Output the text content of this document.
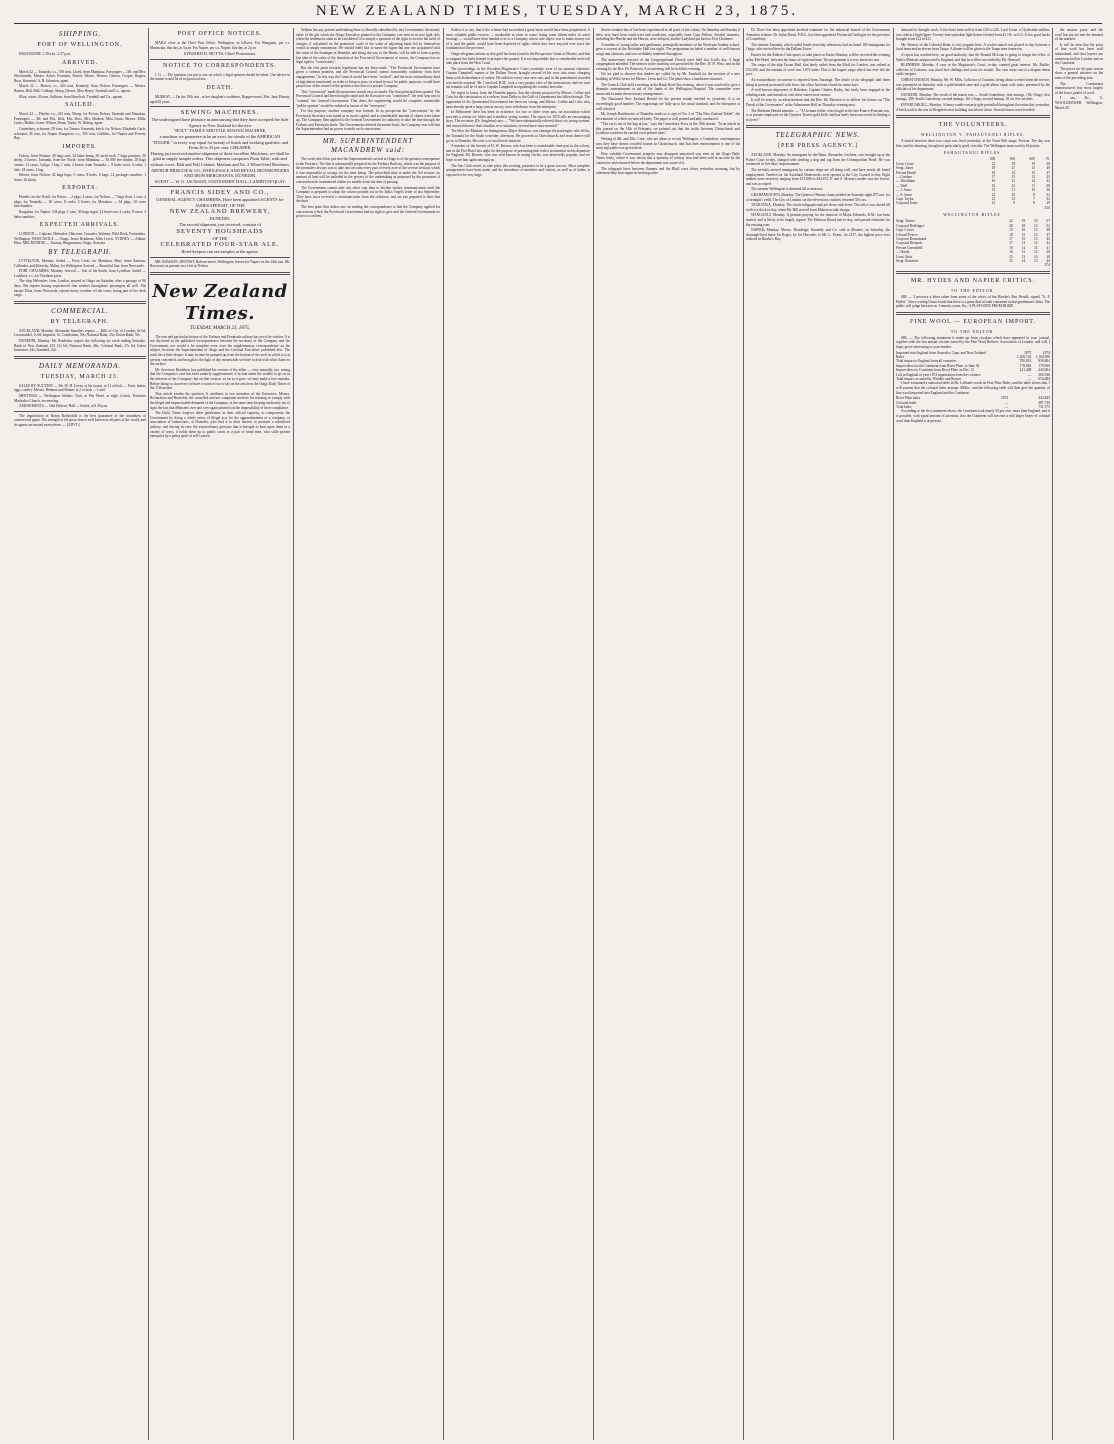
NEW ZEALAND TIMES, TUESDAY, MARCH 23, 1875.
SHIPPING.
PORT OF WELLINGTON.
HIGH WATER, 1.39 a.m.; 2.27 p.m.
ARRIVED.
March 22 — Taranaki, s.s., 196 tons, Lloyd, from Manukau. Passengers — Mr. and Mrs. Woolcombe, Messrs. Sykes, Fountain, Pearce, Moore, Westen, Gibson, Cooper, Rogers, Ross, Stormont. A. R. Johnston, agent.
March 22 — Hawea, s.s., 420 tons, Kennedy, from Nelson. Passengers — Messrs. Barnes, Bell, Hall, Collings, Sharp, Davies, Miss Henry. Turnbull and Co., agents.
Eliza, cutter, 26 tons, Sullivan, from Havelock. Turnbull and Co., agents.
SAILED.
March 22 — Phoebe, s.s., 415 tons, Worsp, for Picton, Nelson, Taranaki and Manukau. Passengers — Mr. and Mrs. Kirk, Mrs. Boss, Mrs. Hudson, Miss Grant, Messrs. Mills, Curtis, Hallett, Greer, Wilson, Dunn, Taylor. W. Bishop, agent.
Canterbury, schooner, 58 tons, for Timaru. Kennedy, ketch, for Nelson. Elizabeth Curle, schooner, 26 tons, for Napier. Rangitoto, s.s., 595 tons, Griffiths, for Napier and Poverty Bay.
IMPORTS.
Falcon, from Waitara: 40 bags oats, 34 bales hemp, 50 sacks malt, 7 bags potatoes, 30 sheep, 3 horses. Taranaki, from the North: from Manukau — 50,000 feet timber, 20 bags onions, 12 cases, 3 pkgs, 1 keg, 1 cask, 2 boxes; from Taranaki — 8 bales wool, 4 casks, 1 bale, 18 cases, 1 bag.
Hawea, from Nelson: 32 bags hops, 5 cases, 8 bales, 6 bags, 12 packages sundries, 1 horse, 20 sheep.
EXPORTS.
Phoebe, for the North: for Picton — 2 pkgs, 3 cases; for Nelson — 7 bags flour, 1 case, 4 pkgs; for Taranaki — 20 cases, 8 casks, 2 boxes; for Manukau — 64 pkgs, 10 cases merchandise.
Rangitoto, for Napier: 104 pkgs, 1 case, 30 bags sugar, 12 boxes tea, 4 casks, 8 cases, 2 bales sundries.
EXPECTED ARRIVALS.
LONDON — Cathcart, Helenslee, Halcione, Crusader, Waimea, Wild Duck, Forfarshire, Wellington. NEWCASTLE — Otago, Jessie Readman, Ellen Lewis. SYDNEY — Albion, Hero. MELBOURNE — Tararua, Ringarooma, Otago, Arawata.
BY TELEGRAPH.
LYTTELTON, Monday. Sailed — Fiery Cross, for Manukau; Mary Anne Annison, Callender, and Moresby; Malay, for Wellington. Arrived — Beautiful Star, from Newcastle.
PORT CHALMERS, Monday. Arrived — Star of the South, from Lyttelton. Sailed — Ladybird, s.s., for Northern ports.
The ship Helenslee, from London, arrived at Otago on Saturday after a passage of 96 days. She reports having experienced fine weather throughout; passengers all well. The barque Eliza, from Newcastle, reports heavy weather off the coast, losing part of her deck cargo.
COMMERCIAL.
BY TELEGRAPH.
AUCKLAND, Monday. Alexander Saunders reports — Bills of City of London, 6s 6d; Coromandel, 1s 6d; Imperial, 5s; Caledonian, 30s; National Bank, 25s; Union Bank, 50s.
DUNEDIN, Monday. Mr. Bradshaw reports the following for week ending Saturday: Bank of New Zealand, £15 12s 6d; National Bank, 48s; Colonial Bank, 27s 6d; Union Insurance, 44s; Standard, 52s.
DAILY MEMORANDA.
TUESDAY, MARCH 23.
SALES BY AUCTION — Mr. W. H. Levin, at his rooms, at 11 o'clock — Fruit, butter, eggs, cutlery. Messrs. Bethune and Hunter, at 2 o'clock — Land.
MEETINGS — Wellington Athletic Club, at Pier Hotel, at eight o'clock. Primitive Methodist Church, tea meeting.
AMUSEMENTS — Odd Fellows' Hall — Soirée, at 8.30 p.m.
The importation of Baron Rothschild is the best guarantee of the soundness of commercial paper. The strength of the great firm is well known in all parts of the world, and its agents are trusted everywhere. — [ADVT.]
POST OFFICE NOTICES.
MAILS close at the Chief Post Office, Wellington, as follows: For Wanganui, per s.s. Manawatu, this day, at 3 p.m. For Napier, per s.s. Napier, this day, at 2 p.m.
EDWARD D. BUTTS, Chief Postmaster.
NOTICE TO CORRESPONDENTS.
J. G. — The question you put is one on which a legal opinion should be taken. Our advice in the matter would be of no practical use.
DEATH.
MURRAY — On the 19th inst., at her daughter's residence, Hopper-street, Mrs. Jane Murray, aged 84 years.
SEWING MACHINES.
The undersigned have pleasure in announcing that they have accepted the Sole Agency in New Zealand for the new
"HOLT" FAMILY SHUTTLE SEWING MACHINE,
a machine we guarantee to be an exact fac-simile of the AMERICAN "SINGER," in every way equal for beauty of finish and working qualities, and
From 20 to 25 per cent. CHEAPER.
Having just received another shipment of these excellent Machines, we shall be glad to supply sample orders. This shipment comprises Plain Table, with and without cover; Half and Full Cabinet, Medium and No. 2 Wheel-feed Machines.
ARTHUR BRISCOE & CO., WHOLESALE AND RETAIL IRONMONGERS AND IRON MERCHANTS, DUNEDIN.
AGENT — W. G. JACKSON, STATIONERS' HALL, LAMBTON-QUAY.
FRANCIS SIDEY AND CO.,
GENERAL AGENCY CHAMBERS, Have been appointed AGENTS for JAMES SPEIGHT, OF THE
NEW ZEALAND BREWERY,
DUNEDIN.
The second shipment, just received, consists of
SEVENTY HOGSHEADS
OF THE
CELEBRATED FOUR-STAR ALE.
Hotel-keepers can see samples at the agents.
MR. RAWSON, DENTIST, Boltom-street, Wellington, leaves for Napier on the 24th inst. Mr. Rawson is at present on a visit to Nelson.
New Zealand Times.
TUESDAY, MARCH 23, 1875.
The true and particular history of the Forbury and Peninsula railway has yet to be written. It is not disclosed in the published correspondence between the secretary of the Company and the Government, nor would it be complete even were the supplementary correspondence on the subject, between the Superintendent of Otago and the Colonial Executive, published also. The truth lies a little deeper. It may in time be pumped up from the bottom of the well in which it is at present concealed, and brought to the light of day, meanwhile we have to deal with what floats on the surface.
Mr. Secretary Bradshaw has published his version of the affair — very naturally, too, seeing that the Company's case has been unfairly supplemented, if he had taken the trouble to go on in the interests of the Company; but on that version, so far as it goes, we may make a few remarks. Before doing so, however, we have a word or two to say on the article in the Otago Daily Times of the 17th instant.
That article exudes the question. It attributes to two members of the Executive, Messrs. Richardson and Reynolds, the cancelled and not competent motives for refusing to comply with the illegal and impracticable demands of the Company; at the same time keeping studiously out of sight the fact that Ministers over and over again pointed out the impossibility of their compliance.
The Daily Times forgives these gentlemen, in their official capacity, to compromise the Government by doing a whole series of illegal acts for the aggrandisement of a company, or association of landowners, at Dunedin, who find it to their interest to promote a subsidised railway; and having in view the extraordinary pressure that is brought to bear upon them in a variety of ways, it holds them up to public scorn as a pair of timid men, who stifle private enterprise by a paltry spirit of self-conceit.
Seldom has any private undertaking been so liberally subsidized by any Government; the money value of the gift which the Otago Executive granted to the Company was seen in its true light only when the settlement came to be considered. It is simply a question of the right to receive the tariff of charges, if calculated on the promoters' scale of the value of adjoining lands fed by themselves would so amply remunerate. We should really like to name the figure but any one acquainted with the value of the frontages at Dunedin, and along the way to the Heads, will be able to form a pretty fair idea of the value of the donation of the Provincial Government of course, the Company has no legal right to "concessions".
But the first point towards legislation has not been made. "The Provincial Government have given a solemn promise, and the Provincial Council cannot honourably withdraw from their engagements." In this way the Council would have been "worked", and the most extraordinary kind of legislation sanctioned, in order to bring to pass, in a land in trust for public purposes, would have passed out of the control of the province into that of a private Company.
This "concession" made the promoters' minds easy no doubt. The first point had been gained. The Provincial Council had been brought round and the Executive was "committed"; the next step was to "commit" the General Government. That done, the engineering would be complete; meanwhile "public opinion" would be enlisted in favour of the "enterprise".
For this purpose, another company was formed. In its prospectus the "concessions" by the Provincial Secretary was stated as so much capital, and a considerable amount of shares were taken up. The Company then applied to the General Government for authority to take the line through the Forbury and Peninsula lands. The Government referred the matter back; the Company was told that the Superintendent had no power to make such concessions.
MR. SUPERINTENDENT MACANDREW said:
The work which has just met the Superintendent's arrival at Otago is of the greatest consequence to the Province. The line is substantially prepared for the Forbury Railway, which was the purpose of the promoters always was to take into account every part of every acre of the several sections which it was impossible to occupy for the time being. The prescribed time is under the 3rd section: no amount of land will be included in the powers of the undertaking as proposed by the promoters if construction be commenced within six months from the date of passing.
The Government cannot take any other step than to decline further communication until the Company is prepared to adopt the course pointed out in Sir Julius Vogel's letter of last September. They have since received a communication from the solicitors, and are not prepared to alter that decision.
The first point that strikes one on reading the correspondence is that the Company applied for concessions which the Provincial Government had no right to give and the General Government no power to confirm.
Suffice it to say, that if the scheme had succeeded a great boon would have been perpetrated. A most valuable public reserve — invaluable in years to come, being some fifteen miles of water frontage — would have been handed over to a Company whose sole object was to make money out of it, and the public would have been deprived of rights which they have enjoyed ever since the foundation of the province.
Otago telegrams inform us that gold has been found in the Prospectors' claim at Okarito, and that a company has been formed to prospect the ground. It is not improbable that a considerable rush will take place from the West Coast.
The proceedings in the Resident Magistrate's Court yesterday were of an unusual character. Captain Campbell, master of the Dallam Tower, brought several of his crew into court, charging them with disobedience of orders. He failed in every case save one, and in the punishment awarded was merely nominal. Mr. Crawford, R.M., took a very proper view of the transactions; and we trust his remarks will be of use to Captain Campbell in regulating his conduct hereafter.
We regret to learn, from the Dunedin papers, that the scheme proposed by Messrs. Collier and Cain for the construction of a railway from Dalby to the Gulf of Carpentaria has fallen through. The opposition of the Queensland Government has been too strong, and Messrs. Collier and Cain, who have already spent a large sum in survey, have withdrawn from the enterprise.
In Melbourne there has been in existence, for two or three years past, an association which provides a retreat for fallen and friendless young women. The report for 1874 tells an encouraging story. The secretary (Dr. Singleton) says — "We have substantially relieved thirty-six young women, and restored them to their families or to situations; several have since married."
The Hon. the Minister for Immigration, Major Atkinson, was amongst the passengers who left by the Taranaki for the South yesterday afternoon. He proceeds to Christchurch, and from thence will go on to Dunedin. His visit is of an official character.
A number of the friends of H. W. Brewer, who has been a considerable time past in the colony, met at the Pier Hotel last night for the purpose of presenting him with a testimonial on his departure for England. Mr. Brewer, who was well known in racing circles, was deservedly popular, and we hope to see him again amongst us.
The Star Club soirée, to take place this evening, promises to be a great success. Most complete arrangements have been made, and the attendance of members and visitors, as well as of ladies, is expected to be very large.
Severe weather has of late been experienced in all parts of the colony. On Saturday and Sunday it blew very hard from south-west and south-east, especially from Cape Palliser. Several steamers, including the Phoebe and the Hawea, were delayed, and the Ladybird put back to Port Chalmers.
A number of young ladies and gentlemen, principally members of the Wesleyan Sunday school, gave a concert at the Rechabite Hall last night. The programme included a number of well-known songs and choruses, and was creditably rendered throughout.
The anniversary services of the Congregational Church were held last Lord's day. A large congregation attended. The sermon in the morning was preached by the Rev. W. H. West, and in the evening by the Rev. Dr. Paterson. A tea meeting will be held this evening.
We are glad to observe that tenders are called for by Mr. Turnbull for the erection of a new building in Willis-street for Messrs. Levin and Co. The plans show a handsome structure.
The Garrick Club held a meeting at the Bank Hotel last evening, when it was resolved to give a dramatic entertainment in aid of the funds of the Wellington Hospital. The committee were instructed to make the necessary arrangements.
The Illustrated New Zealand Herald for the present month reached us yesterday. It is an exceedingly good number. The engravings are fully up to the usual standard, and the letterpress is well selected.
Mr. Joseph Braithwaite, of Dunedin, sends us a copy of No. 2 of "The New Zealand Tablet", the first number of which we noticed lately. The paper is well printed and ably conducted.
"The cat is out of the bag at last," says the Canterbury Press of the 18th instant. "In an article in this journal on the 14th of February, we pointed out that the traffic between Christchurch and Lyttelton could not be carried on at present rates."
Writing of Mr. and Mrs. Case, who are about to revisit Wellington, a Canterbury contemporary says they have drawn crowded houses in Christchurch, and that their entertainment is one of the most enjoyable ever given there.
How valuable Government property may disappear unnoticed was seen on the Otago Daily Times lately, where it was shown that a quantity of railway iron had been sold at auction by the contractor and removed before the department was aware of it.
The telegraph lines between Oamaru and the Bluff were down yesterday morning, but by afternoon they were again in working order.
Dr. Diver has been appointed medical examiner for the industrial branch of the Government Annuities scheme. Dr. Julius Haast, F.R.S., has been appointed Provincial Geologist for the province of Canterbury.
The steamer Taranaki, which sailed South yesterday afternoon, had on board 100 immigrants for Otago, who arrived here by the Dallam Tower.
Entries for the Athletic Club sports, to take place on Easter Monday, will be received this evening at the Pier Hotel, between the hours of eight and nine. The programme is a very attractive one.
The cargo of the ship Ocean Mail, that lately sailed from the Bluff for London, was valued at £33,280, and the amount of wool was 1,672 bales. This is the largest cargo which has ever left the port.
An extraordinary occurrence is reported from Tauranga. The whole of the telegraph staff there being at present prostrated with fever, the office has been closed for some days.
A well-known shipowner of Hoboken, Captain Charles Bailey, has lately been engaged in the whaling trade, and intends to visit these waters next season.
It will be seen by an advertisement that the Rev. Dr. Paterson is to deliver his lecture on "The Deeds of the Covenanters" at the Athenaeum Hall on Thursday evening next.
The Brisbane Herald remarks: — "A German settler, who fought in the late Franco-Prussian war, is at present employed on the Charters Towers gold field, and has lately been successful in finding a rich reef."
TELEGRAPHIC NEWS.
[PER PRESS AGENCY.]
AUCKLAND, Monday. An immigrant by the Bann, Alexander Crichton, was brought up at the Police Court to-day, charged with stealing a dog and rug from the Cosmopolitan Hotel. He was sentenced to five days' imprisonment.
The recently arrived immigrants by various ships are all doing well, and have nearly all found employment. Tenders for the Auckland Waterworks were opened at the City Council to-day. Eight tenders were received, ranging from £75,000 to £94,672. F. and S. Morrin's tender was the lowest, and was accepted.
The steamer Wellington is detained till to-morrow.
GRAHAMSTOWN, Monday. The Queen of Beauty claim yielded on Saturday night 875 ozs. for a fortnight's yield. The City of London, on the eleven tons crushed, returned 336 ozs.
TAURANGA, Monday. The whole telegraph staff are down with fever. The office was closed till twelve o'clock to-day, when Mr. Hill arrived from Maketu to take charge.
WANGANUI, Monday. A petition praying for the removal of Major Edwards, R.M., has been started, and is likely to be largely signed. The Harbour Board met to-day, and passed estimates for the ensuing year.
NAPIER, Monday. Messrs. Routledge, Kennedy and Co. sold at Meanee, on Saturday, the thorough-bred horse Sir Roger, by Sir Hercules, to Mr. L. Evans, for £157, the highest price ever realised in Hawke's Bay.
demand for draught stock. A few have been sold at from £30 to £45. Lord Lorne, a Clydesdale stallion, was sold at a high figure. Twenty-four unbroken light horses fetched from £3 10s. to £12. A few good hacks brought from £12 to £21.
Mr. Warren, of the Colonial Bank, is very popular here. A cricket match was played to-day between a local team and an eleven from Taupo. A dinner will be given to the Taupo men tomorrow.
A report has reached here, on good authority, that Sir Donald McLean is going to resign the office of Native Minister and proceed to England, and that he will be succeeded by Mr. Ormond.
BLENHEIM, Monday. A case in the Magistrate's Court, to-day, created great interest. Mr. Baillie, collector of Customs, was fined five shillings and costs for assault. The case arose out of a dispute about cattle trespass.
CHRISTCHURCH, Monday. Mr. W. Mills, Collector of Customs, being about to retire from the service, was presented on Saturday with a gold-headed cane and a gold albert chain with seals, presented by the officials of his department.
DUNEDIN, Monday. The result of the match was — South Canterbury, first innings, 104; Otago, first innings, 186. South Canterbury, second innings, 161; Otago, second innings, 81 for five wickets.
INVERCARGILL, Monday. A heavy south-westerly gale prevailed throughout the entire day yesterday. A brick wall at the rear of Brogden's new building was blown down. Several fences were levelled.
THE VOLUNTEERS.
WELLINGTON V. PAHAUTANUI RIFLES.
A match between these two corps was fired yesterday, at the Town Belt range, Porirua. The day was fine, and the shooting, though not particularly good, was fair. The Wellington team won by 64 points.
PAHAUTANUI RIFLES.
	200	500	600	Tl.
Lieut. Grose	21	18	19	58
Sergt. Jones	19	17	13	49
Private Heald	18	14	15	47
— Gardner	17	15	13	45
— Woodham	16	13	14	43
— Wall	16	12	11	39
— J. Jones	15	11	10	36
— S. Jones	14	10	8	32
Capt. Taylor	13	12	7	32
Corporal Jones	12	9	8	29
410
WELLINGTON RIFLES.
Sergt. Turner	22	19	16	57
Corporal Bellringer	20	18	14	52
Capt. Crowe	19	16	13	48
Colonel Pearce	18	15	14	47
Corporal Drummond	17	15	13	45
Corporal Richards	17	13	12	42
Private Greenfield	16	14	11	41
— Hardy	16	12	12	40
Lieut. Stott	15	13	10	38
Sergt. Rountree	15	14	15	44
474
MR. HYDES AND NAPIER CRITICS.
TO THE EDITOR.
SIR, — I perceive a letter taken from some of the critics of the Hawke's Bay Herald, signed "A. P. Hydes". Since writing I have found that there is a great deal of truth contained in that gentleman's letter. The public will judge between us. I remain, yours, &c., A PLAYGOER FROM HOME.
FINE WOOL — EUROPEAN IMPORT.
TO THE EDITOR.
SIR, — The following statement is made up from circulars which have appeared in your journal, together with the last annual circular issued by the Fine Wool Brokers' Association of London, and will, I hope, prove interesting to your readers.
Imported into England from Australia, Cape, and New Zealand	1873	1874
Bales	1,108,742	1,164,506
Total import to England from all countries	700,810	839,684
Import direct to the Continent from River Plate, to June 30	178,882	179,960
Import direct to Continent from River Plate, to Dec. 31	221,468	243,604
Left in England of year 1874 importation from the colonies	—	365,936
Total import, as stated by Windler and Brown	—	654,684
I have examined a statistical table in Mr. Lolham's work on Fine Plate Bales, and the table shows that. I will assume that the colonial bales average 400lbs., and the following table will then give the quantity of fine wool imported into England and the Continent:
River Plate bales	1874	243,845
Colonial bales	—	487,730
Total bales	—	731,575
According to the first statement above, the Continent took nearly 50 per cent. more than England, and it is possible, with equal amount of attention, that the Continent will become a still larger buyer of colonial wool than England is at present.
the eastern ports, and the wool has not yet met the demand of the markets.
It will be seen that the price of fine wool has been well maintained, and that buyers are numerous both in London and on the Continent.
The prices for the past season show a general advance on the rates of the preceding year.
The Continental manufacturers buy most largely of the lower grades of wool.
I am, &c., A. WOOLGROWER. Wellington, March 20.
